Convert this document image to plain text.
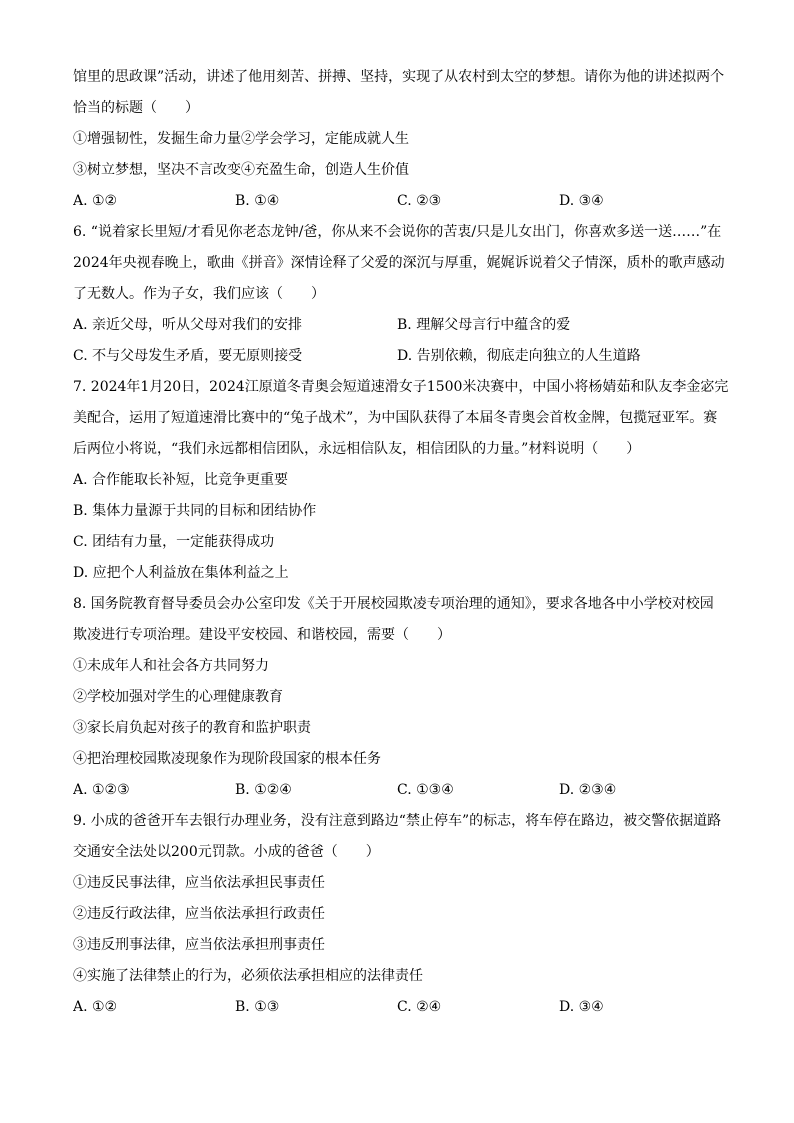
馆里的思政课”活动，讲述了他用刻苦、拼搏、坚持，实现了从农村到太空的梦想。请你为他的讲述拟两个
恰当的标题（　　）
①增强韧性，发掘生命力量②学会学习，定能成就人生
③树立梦想，坚决不言改变④充盈生命，创造人生价值
A. ①②	B. ①④	C. ②③	D. ③④
6. “说着家长里短/才看见你老态龙钟/爸，你从来不会说你的苦衷/只是儿女出门，你喜欢多送一送……”在
2024年央视春晚上，歌曲《拼音》深情诠释了父爱的深沉与厚重，娓娓诉说着父子情深，质朴的歌声感动
了无数人。作为子女，我们应该（　　）
A. 亲近父母，听从父母对我们的安排	B. 理解父母言行中蕴含的爱
C. 不与父母发生矛盾，要无原则接受	D. 告别依赖，彻底走向独立的人生道路
7. 2024年1月20日，2024江原道冬青奥会短道速滑女子1500米决赛中，中国小将杨婧茹和队友李金宓完
美配合，运用了短道速滑比赛中的“兔子战术”，为中国队获得了本届冬青奥会首枚金牌，包揽冠亚军。赛
后两位小将说，“我们永远都相信团队，永远相信队友，相信团队的力量。”材料说明（　　）
A. 合作能取长补短，比竞争更重要
B. 集体力量源于共同的目标和团结协作
C. 团结有力量，一定能获得成功
D. 应把个人利益放在集体利益之上
8. 国务院教育督导委员会办公室印发《关于开展校园欺凌专项治理的通知》，要求各地各中小学校对校园
欺凌进行专项治理。建设平安校园、和谐校园，需要（　　）
①未成年人和社会各方共同努力
②学校加强对学生的心理健康教育
③家长肩负起对孩子的教育和监护职责
④把治理校园欺凌现象作为现阶段国家的根本任务
A. ①②③	B. ①②④	C. ①③④	D. ②③④
9. 小成的爸爸开车去银行办理业务，没有注意到路边“禁止停车”的标志，将车停在路边，被交警依据道路
交通安全法处以200元罚款。小成的爸爸（　　）
①违反民事法律，应当依法承担民事责任
②违反行政法律，应当依法承担行政责任
③违反刑事法律，应当依法承担刑事责任
④实施了法律禁止的行为，必须依法承担相应的法律责任
A. ①②	B. ①③	C. ②④	D. ③④
